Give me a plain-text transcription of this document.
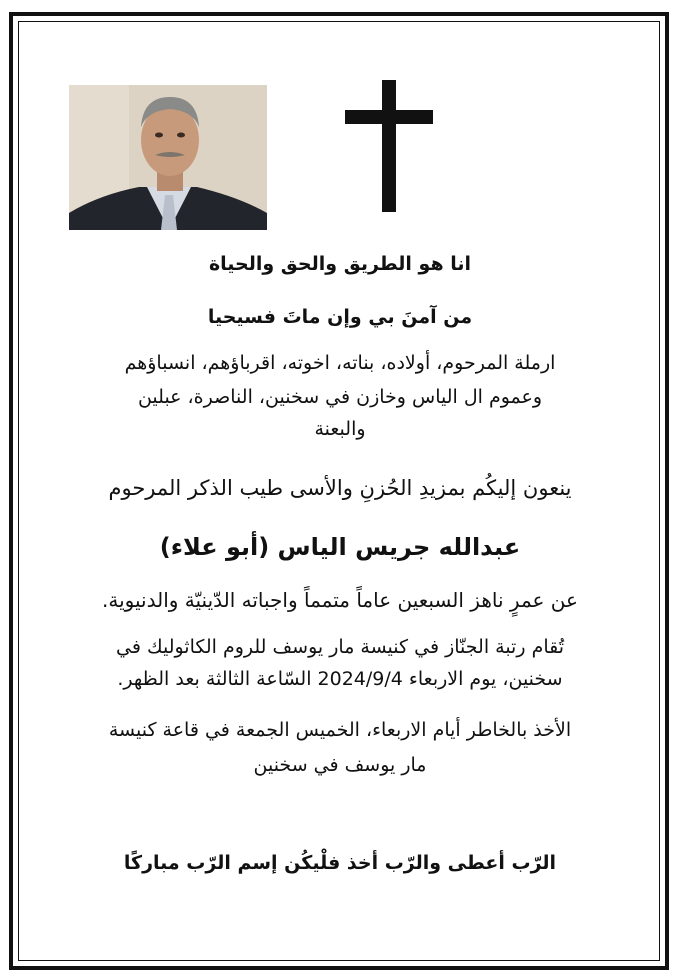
انا هو الطريق والحق والحياة
من آمنَ بي وإن ماتَ فسيحيا
ارملة المرحوم، أولاده، بناته، اخوته، اقرباؤهم، انسباؤهم
وعموم ال الياس وخازن في سخنين، الناصرة، عبلين
والبعنة
ينعون إليكُم بمزيدِ الحُزنِ والأسى طيب الذكر المرحوم
عبدالله جريس الياس (أبو علاء)
عن عمرٍ ناهز السبعين عاماً متمماً واجباته الدّينيّة والدنيوية.
تُقام رتبة الجنّاز في كنيسة مار يوسف للروم الكاثوليك في
سخنين، يوم الاربعاء 2024/9/4 السّاعة الثالثة بعد الظهر.
الأخذ بالخاطر أيام الاربعاء، الخميس الجمعة في قاعة كنيسة
مار يوسف في سخنين
الرّب أعطى والرّب أخذ فلْيكُن إسم الرّب مباركًا
